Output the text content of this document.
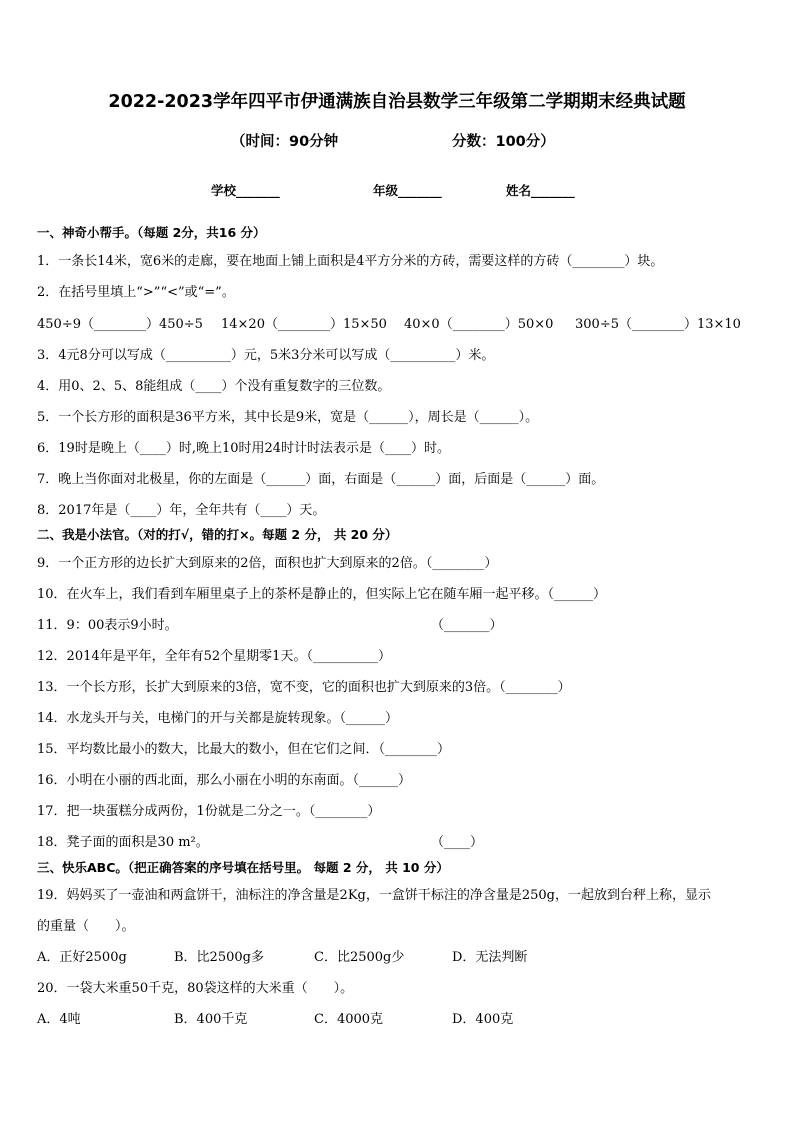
2022-2023学年四平市伊通满族自治县数学三年级第二学期期末经典试题
（时间：90分钟	分数：100分）
学校_______	年级_______	姓名_______
一、神奇小帮手。（每题 2分，共16 分）
1．一条长14米，宽6米的走廊，要在地面上铺上面积是4平方分米的方砖，需要这样的方砖（________）块。
2．在括号里填上“>”“<”或“=”。
450÷9（________）450÷5 14×20（________）15×50 40×0（________）50×0 300÷5（________）13×10
3．4元8分可以写成（__________）元，5米3分米可以写成（__________）米。
4．用0、2、5、8能组成（____）个没有重复数字的三位数。
5．一个长方形的面积是36平方米，其中长是9米，宽是（______），周长是（______）。
6．19时是晚上（____）时,晚上10时用24时计时法表示是（____）时。
7．晚上当你面对北极星，你的左面是（______）面，右面是（______）面，后面是（______）面。
8．2017年是（____）年，全年共有（____）天。
二、我是小法官。（对的打√，错的打×。每题 2 分， 共 20 分）
9．一个正方形的边长扩大到原来的2倍，面积也扩大到原来的2倍。（________）
10．在火车上，我们看到车厢里桌子上的茶杯是静止的，但实际上它在随车厢一起平移。（______）
11．9：00表示9小时。	（_______）
12．2014年是平年，全年有52个星期零1天。（__________）
13．一个长方形，长扩大到原来的3倍，宽不变，它的面积也扩大到原来的3倍。（________）
14．水龙头开与关，电梯门的开与关都是旋转现象。（______）
15．平均数比最小的数大，比最大的数小，但在它们之间．（________）
16．小明在小丽的西北面，那么小丽在小明的东南面。（______）
17．把一块蛋糕分成两份，1份就是二分之一。（________）
18．凳子面的面积是30 m²。	（____）
三、快乐ABC。（把正确答案的序号填在括号里。 每题 2 分， 共 10 分）
19．妈妈买了一壶油和两盒饼干，油标注的净含量是2Kg，一盒饼干标注的净含量是250g，一起放到台秤上称，显示
的重量（　　）。
A．正好2500g	B．比2500g多	C．比2500g少	D．无法判断
20．一袋大米重50千克，80袋这样的大米重（　　）。
A．4吨	B．400千克	C．4000克	D．400克
